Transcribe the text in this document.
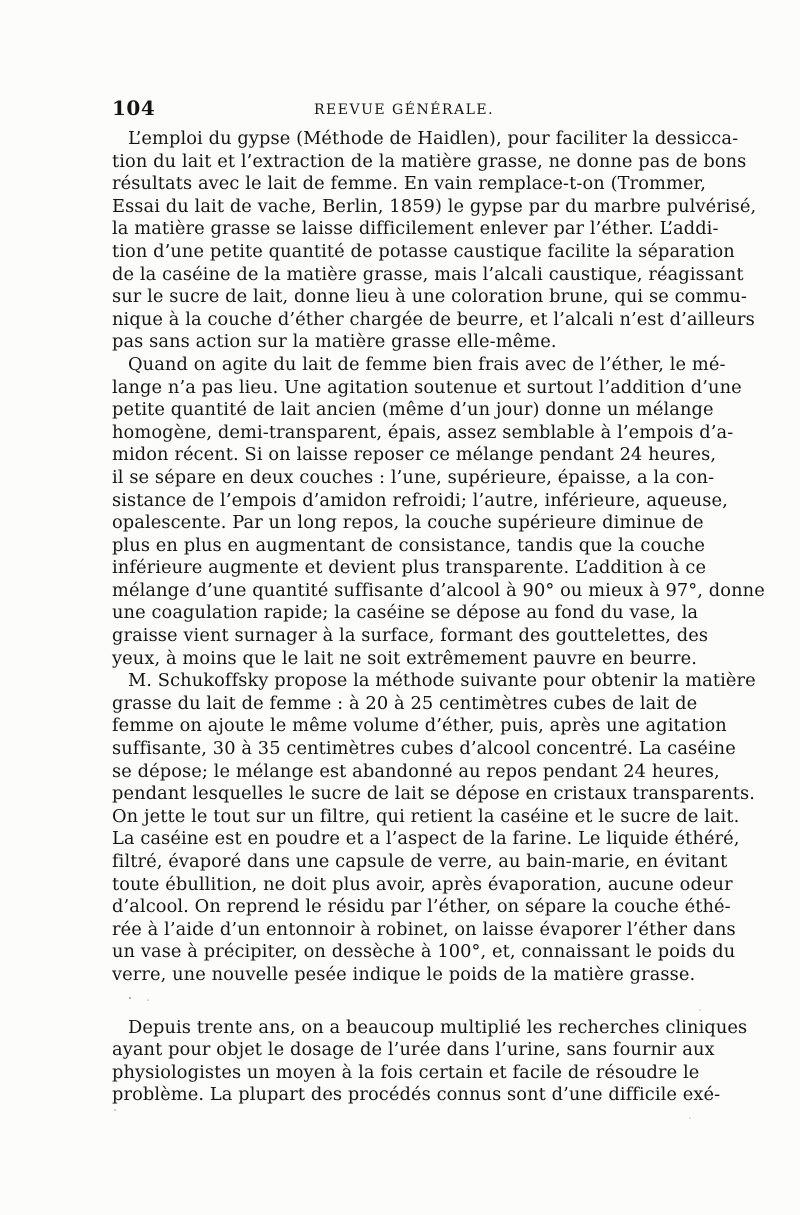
104	REEVUE GÉNÉRALE.
L’emploi du gypse (Méthode de Haidlen), pour faciliter la dessicca-
tion du lait et l’extraction de la matière grasse, ne donne pas de bons
résultats avec le lait de femme. En vain remplace-t-on (Trommer,
Essai du lait de vache, Berlin, 1859) le gypse par du marbre pulvérisé,
la matière grasse se laisse difficilement enlever par l’éther. L’addi-
tion d’une petite quantité de potasse caustique facilite la séparation
de la caséine de la matière grasse, mais l’alcali caustique, réagissant
sur le sucre de lait, donne lieu à une coloration brune, qui se commu-
nique à la couche d’éther chargée de beurre, et l’alcali n’est d’ailleurs
pas sans action sur la matière grasse elle-même.
Quand on agite du lait de femme bien frais avec de l’éther, le mé-
lange n’a pas lieu. Une agitation soutenue et surtout l’addition d’une
petite quantité de lait ancien (même d’un jour) donne un mélange
homogène, demi-transparent, épais, assez semblable à l’empois d’a-
midon récent. Si on laisse reposer ce mélange pendant 24 heures,
il se sépare en deux couches : l’une, supérieure, épaisse, a la con-
sistance de l’empois d’amidon refroidi; l’autre, inférieure, aqueuse,
opalescente. Par un long repos, la couche supérieure diminue de
plus en plus en augmentant de consistance, tandis que la couche
inférieure augmente et devient plus transparente. L’addition à ce
mélange d’une quantité suffisante d’alcool à 90° ou mieux à 97°, donne
une coagulation rapide; la caséine se dépose au fond du vase, la
graisse vient surnager à la surface, formant des gouttelettes, des
yeux, à moins que le lait ne soit extrêmement pauvre en beurre.
M. Schukoffsky propose la méthode suivante pour obtenir la matière
grasse du lait de femme : à 20 à 25 centimètres cubes de lait de
femme on ajoute le même volume d’éther, puis, après une agitation
suffisante, 30 à 35 centimètres cubes d’alcool concentré. La caséine
se dépose; le mélange est abandonné au repos pendant 24 heures,
pendant lesquelles le sucre de lait se dépose en cristaux transparents.
On jette le tout sur un filtre, qui retient la caséine et le sucre de lait.
La caséine est en poudre et a l’aspect de la farine. Le liquide éthéré,
filtré, évaporé dans une capsule de verre, au bain-marie, en évitant
toute ébullition, ne doit plus avoir, après évaporation, aucune odeur
d’alcool. On reprend le résidu par l’éther, on sépare la couche éthé-
rée à l’aide d’un entonnoir à robinet, on laisse évaporer l’éther dans
un vase à précipiter, on dessèche à 100°, et, connaissant le poids du
verre, une nouvelle pesée indique le poids de la matière grasse.
Depuis trente ans, on a beaucoup multiplié les recherches cliniques
ayant pour objet le dosage de l’urée dans l’urine, sans fournir aux
physiologistes un moyen à la fois certain et facile de résoudre le
problème. La plupart des procédés connus sont d’une difficile exé-
